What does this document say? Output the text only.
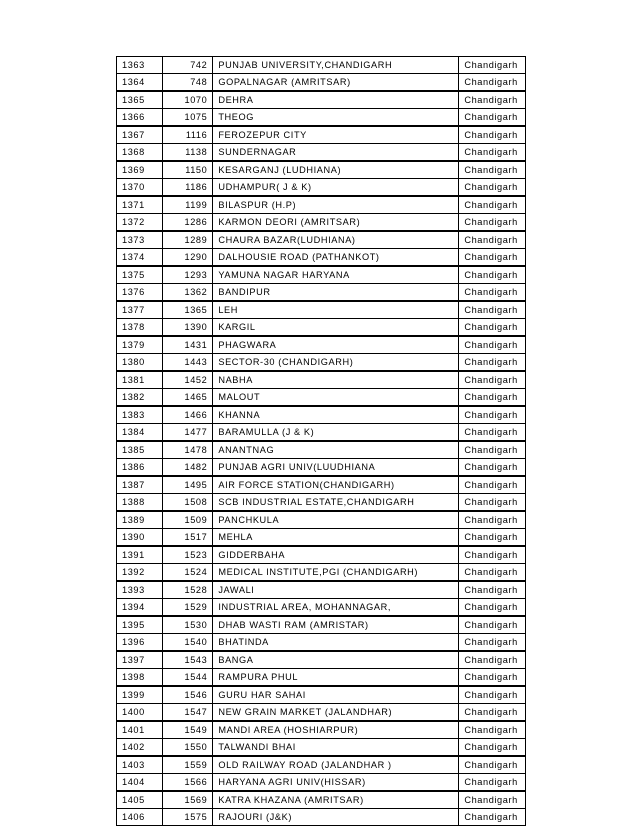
1363	742	PUNJAB UNIVERSITY,CHANDIGARH	Chandigarh
1364	748	GOPALNAGAR (AMRITSAR)	Chandigarh
1365	1070	DEHRA	Chandigarh
1366	1075	THEOG	Chandigarh
1367	1116	FEROZEPUR CITY	Chandigarh
1368	1138	SUNDERNAGAR	Chandigarh
1369	1150	KESARGANJ (LUDHIANA)	Chandigarh
1370	1186	UDHAMPUR( J & K)	Chandigarh
1371	1199	BILASPUR (H.P)	Chandigarh
1372	1286	KARMON DEORI (AMRITSAR)	Chandigarh
1373	1289	CHAURA BAZAR(LUDHIANA)	Chandigarh
1374	1290	DALHOUSIE ROAD (PATHANKOT)	Chandigarh
1375	1293	YAMUNA NAGAR HARYANA	Chandigarh
1376	1362	BANDIPUR	Chandigarh
1377	1365	LEH	Chandigarh
1378	1390	KARGIL	Chandigarh
1379	1431	PHAGWARA	Chandigarh
1380	1443	SECTOR-30 (CHANDIGARH)	Chandigarh
1381	1452	NABHA	Chandigarh
1382	1465	MALOUT	Chandigarh
1383	1466	KHANNA	Chandigarh
1384	1477	BARAMULLA (J & K)	Chandigarh
1385	1478	ANANTNAG	Chandigarh
1386	1482	PUNJAB AGRI UNIV(LUUDHIANA	Chandigarh
1387	1495	AIR FORCE STATION(CHANDIGARH)	Chandigarh
1388	1508	SCB INDUSTRIAL ESTATE,CHANDIGARH	Chandigarh
1389	1509	PANCHKULA	Chandigarh
1390	1517	MEHLA	Chandigarh
1391	1523	GIDDERBAHA	Chandigarh
1392	1524	MEDICAL INSTITUTE,PGI (CHANDIGARH)	Chandigarh
1393	1528	JAWALI	Chandigarh
1394	1529	INDUSTRIAL AREA, MOHANNAGAR,	Chandigarh
1395	1530	DHAB WASTI RAM (AMRISTAR)	Chandigarh
1396	1540	BHATINDA	Chandigarh
1397	1543	BANGA	Chandigarh
1398	1544	RAMPURA PHUL	Chandigarh
1399	1546	GURU HAR SAHAI	Chandigarh
1400	1547	NEW GRAIN MARKET (JALANDHAR)	Chandigarh
1401	1549	MANDI AREA (HOSHIARPUR)	Chandigarh
1402	1550	TALWANDI BHAI	Chandigarh
1403	1559	OLD RAILWAY ROAD (JALANDHAR )	Chandigarh
1404	1566	HARYANA AGRI UNIV(HISSAR)	Chandigarh
1405	1569	KATRA KHAZANA (AMRITSAR)	Chandigarh
1406	1575	RAJOURI (J&K)	Chandigarh
